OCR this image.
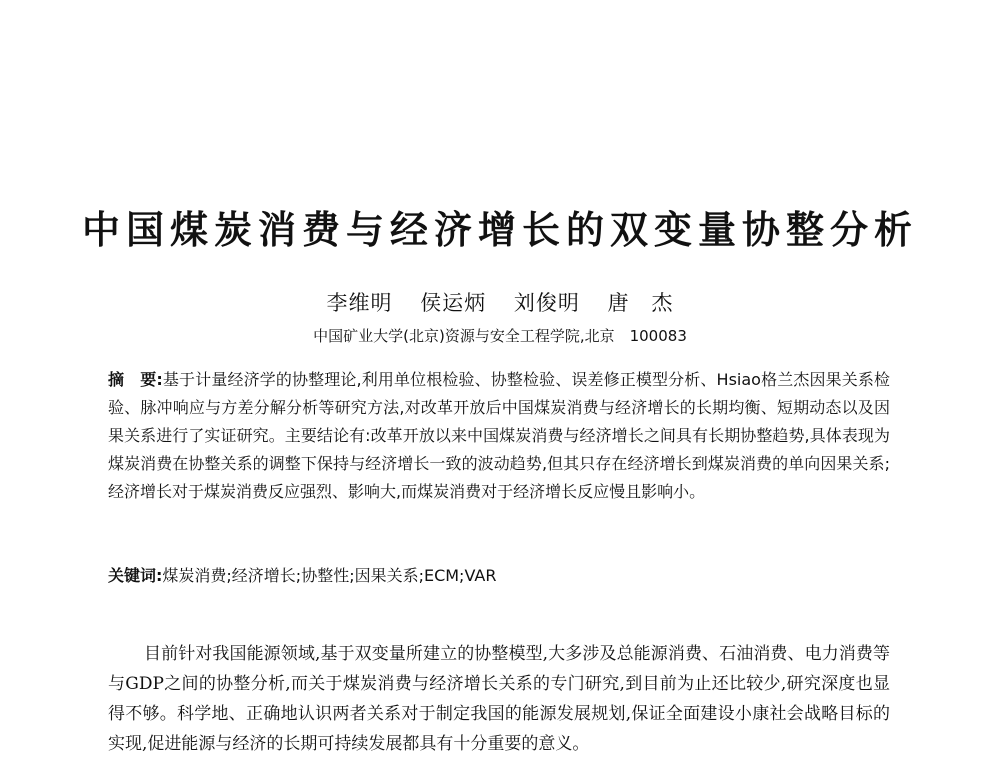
中国煤炭消费与经济增长的双变量协整分析
李维明 侯运炳 刘俊明 唐　杰
中国矿业大学(北京)资源与安全工程学院,北京　100083
摘　要:基于计量经济学的协整理论,利用单位根检验、协整检验、误差修正模型分析、Hsiao格兰杰因果关系检验、脉冲响应与方差分解分析等研究方法,对改革开放后中国煤炭消费与经济增长的长期均衡、短期动态以及因果关系进行了实证研究。主要结论有:改革开放以来中国煤炭消费与经济增长之间具有长期协整趋势,具体表现为煤炭消费在协整关系的调整下保持与经济增长一致的波动趋势,但其只存在经济增长到煤炭消费的单向因果关系;经济增长对于煤炭消费反应强烈、影响大,而煤炭消费对于经济增长反应慢且影响小。
关键词:煤炭消费;经济增长;协整性;因果关系;ECM;VAR

目前针对我国能源领域,基于双变量所建立的协整模型,大多涉及总能源消费、石油消费、电力消费等与GDP之间的协整分析,而关于煤炭消费与经济增长关系的专门研究,到目前为止还比较少,研究深度也显得不够。科学地、正确地认识两者关系对于制定我国的能源发展规划,保证全面建设小康社会战略目标的实现,促进能源与经济的长期可持续发展都具有十分重要的意义。
